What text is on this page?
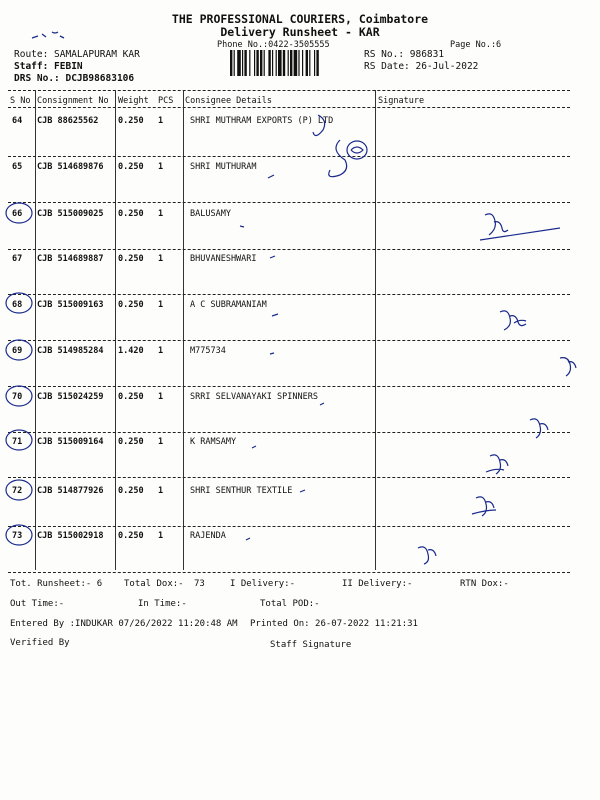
THE PROFESSIONAL COURIERS, Coimbatore
Delivery Runsheet - KAR
Phone No.:0422-3505555	Page No.:6
Route: SAMALAPURAM KAR
Staff: FEBIN
DRS No.: DCJB98683106
RS No.: 986831
RS Date: 26-Jul-2022
S No Consignment No Weight PCS Consignee Details	Signature
64 CJB 88625562 0.250 1	SHRI MUTHRAM EXPORTS (P) LTD
65 CJB 514689876 0.250 1	SHRI MUTHURAM
66 CJB 515009025 0.250 1	BALUSAMY
67 CJB 514689887 0.250 1	BHUVANESHWARI
68 CJB 515009163 0.250 1	A C SUBRAMANIAM
69 CJB 514985284 1.420 1	M775734
70 CJB 515024259 0.250 1	SRRI SELVANAYAKI SPINNERS
71 CJB 515009164 0.250 1	K RAMSAMY
72 CJB 514877926 0.250 1	SHRI SENTHUR TEXTILE
73 CJB 515002918 0.250 1	RAJENDA
Tot. Runsheet:- 6 Total Dox:- 73	I Delivery:-	II Delivery:-	RTN Dox:-
Out Time:-	In Time:-	Total POD:-
Entered By :INDUKAR 07/26/2022 11:20:48 AM Printed On: 26-07-2022 11:21:31
Verified By	Staff Signature
